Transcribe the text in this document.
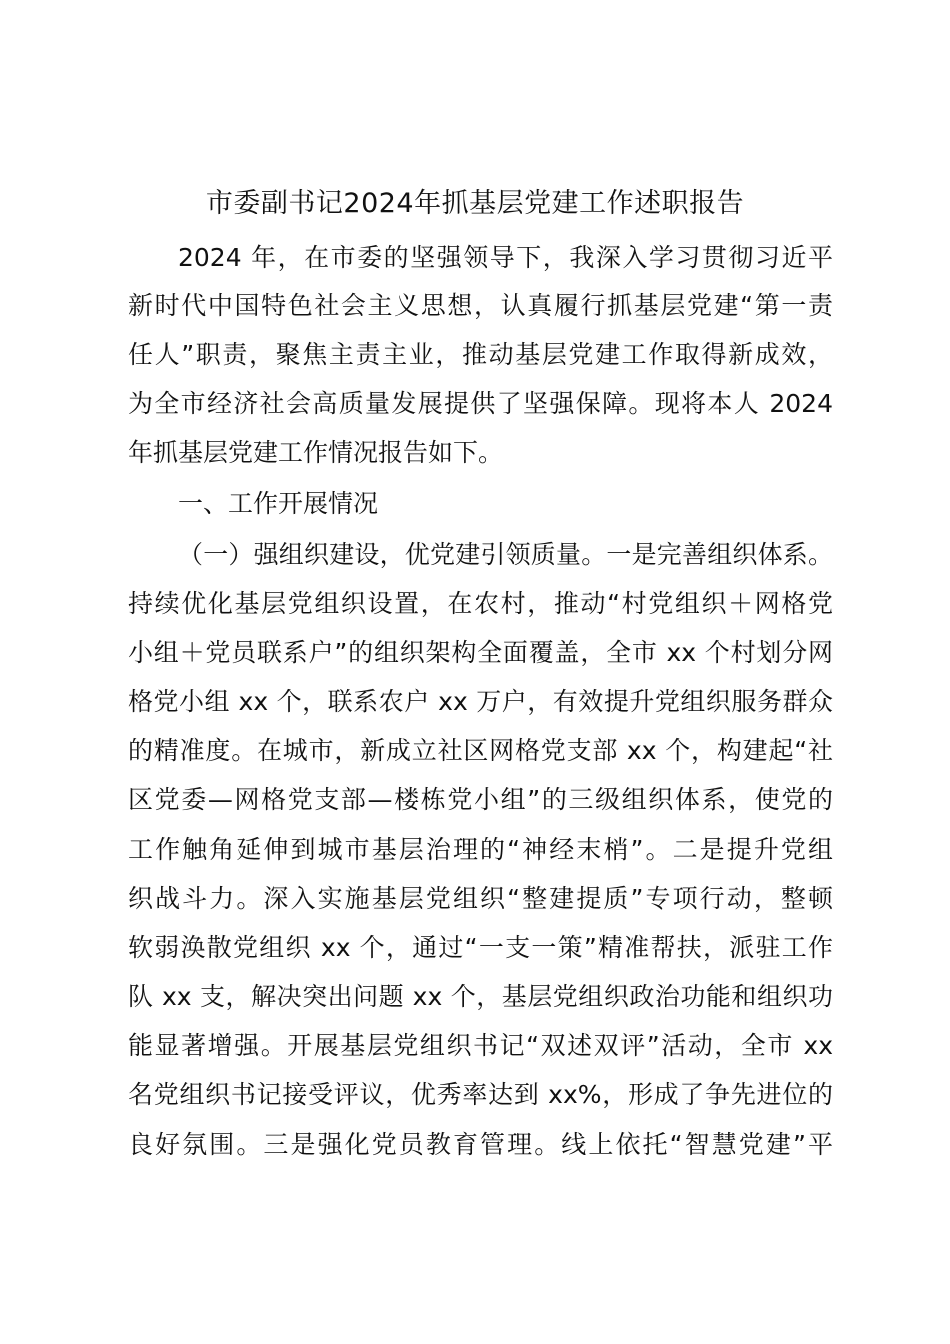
市委副书记2024年抓基层党建工作述职报告
2024 年，在市委的坚强领导下，我深入学习贯彻习近平
新时代中国特色社会主义思想，认真履行抓基层党建“第一责
任人”职责，聚焦主责主业，推动基层党建工作取得新成效，
为全市经济社会高质量发展提供了坚强保障。现将本人 2024
年抓基层党建工作情况报告如下。
一、工作开展情况
（一）强组织建设，优党建引领质量。一是完善组织体系。
持续优化基层党组织设置，在农村，推动“村党组织＋网格党
小组＋党员联系户”的组织架构全面覆盖，全市 xx 个村划分网
格党小组 xx 个，联系农户 xx 万户，有效提升党组织服务群众
的精准度。在城市，新成立社区网格党支部 xx 个，构建起“社
区党委—网格党支部—楼栋党小组”的三级组织体系，使党的
工作触角延伸到城市基层治理的“神经末梢”。二是提升党组
织战斗力。深入实施基层党组织“整建提质”专项行动，整顿
软弱涣散党组织 xx 个，通过“一支一策”精准帮扶，派驻工作
队 xx 支，解决突出问题 xx 个，基层党组织政治功能和组织功
能显著增强。开展基层党组织书记“双述双评”活动，全市 xx
名党组织书记接受评议，优秀率达到 xx%，形成了争先进位的
良好氛围。三是强化党员教育管理。线上依托“智慧党建”平
